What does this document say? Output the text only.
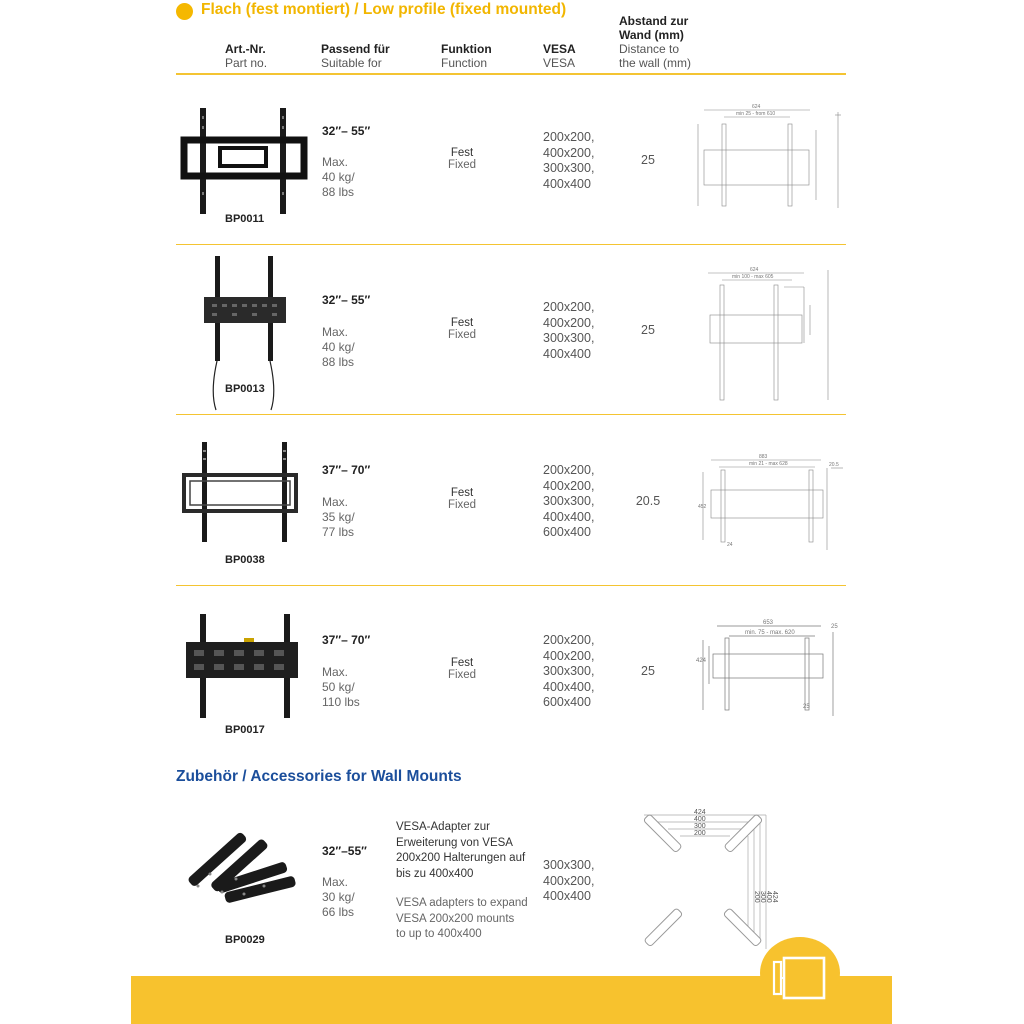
Flach (fest montiert) / Low profile (fixed mounted)
Art.-Nr.
Part no.
Passend für
Suitable for
Funktion
Function
VESA
VESA
Abstand zur
Wand (mm)
Distance to
the wall (mm)
BP0011
32″– 55″
Max.
40 kg/
88 lbs
Fest
Fixed
200x200,
400x200,
300x300,
400x400
25
624
min 25 - from 610
BP0013
32″– 55″
Max.
40 kg/
88 lbs
Fest
Fixed
200x200,
400x200,
300x300,
400x400
25
624
min 100 - max 605
BP0038
37″– 70″
Max.
35 kg/
77 lbs
Fest
Fixed
200x200,
400x200,
300x300,
400x400,
600x400
20.5
883
min 21 - max 628
452
20.5
24
BP0017
37″– 70″
Max.
50 kg/
110 lbs
Fest
Fixed
200x200,
400x200,
300x300,
400x400,
600x400
25
653
min. 75 - max. 620
424
25
25
Zubehör / Accessories for Wall Mounts
BP0029
32″–55″
Max.
30 kg/
66 lbs
VESA-Adapter zur
Erweiterung von VESA
200x200 Halterungen auf
bis zu 400x400
VESA adapters to expand
VESA 200x200 mounts
to up to 400x400
300x300,
400x200,
400x400
424
400
300
200
424
400
300
200
